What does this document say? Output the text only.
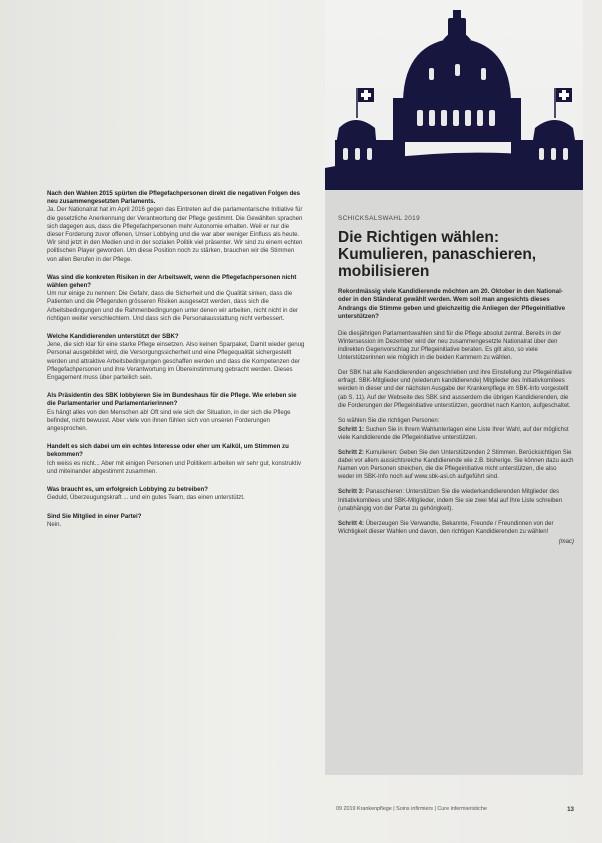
Nach den Wahlen 2015 spürten die Pflegefachpersonen direkt die negativen Folgen des neu zusammengesetzten Parlaments.
Ja. Der Nationalrat hat im April 2016 gegen das Eintreten auf die parlamentarische Initiative für die gesetzliche Anerkennung der Verantwortung der Pflege gestimmt. Die Gewählten sprachen sich dagegen aus, dass die Pflegefachpersonen mehr Autonomie erhalten. Weil er nur die dieser Forderung zuvor offenen, Unser Lobbying und die war aber weniger Einfluss als heute. Wir sind jetzt in den Medien und in der sozialen Politik viel präsenter. Wir sind zu einem echten politischen Player geworden. Um diese Position noch zu stärken, brauchen wir die Stimmen von allen Berufen in der Pflege.
Was sind die konkreten Risiken in der Arbeitswelt, wenn die Pflegefachpersonen nicht wählen gehen?
Um nur einige zu nennen: Die Gefahr, dass die Sicherheit und die Qualität sinken, dass die Patienten und die Pflegenden grösseren Risiken ausgesetzt werden, dass sich die Arbeitsbedingungen und die Rahmenbedingungen unter denen wir arbeiten, nicht nicht in der richtigen weiter verschlechtern. Und dass sich die Personalausstattung nicht verbessert.
Welche Kandidierenden unterstützt der SBK?
Jene, die sich klar für eine starke Pflege einsetzen. Also keinen Sparpaket, Damit wieder genug Personal ausgebildet wird, die Versorgungssicherheit und eine Pflegequalität sichergestellt werden und attraktive Arbeitsbedingungen geschaffen werden und dass die Kompetenzen der Pflegefachpersonen und ihre Verantwortung im Übereinstimmung gebracht werden. Dieses Engagement muss über parteilich sein.
Als Präsidentin des SBK lobbyieren Sie im Bundeshaus für die Pflege. Wie erleben sie die Parlamentarier und Parlamentarierinnen?
Es hängt alles von den Menschen ab! Oft sind wie sich der Situation, in der sich die Pflege befindet, nicht bewusst. Aber viele von ihnen fühlen sich von unseren Forderungen angesprochen.
Handelt es sich dabei um ein echtes Interesse oder eher um Kalkül, um Stimmen zu bekommen?
Ich weiss es nicht... Aber mit einigen Personen und Politikern arbeiten wir sehr gut, konstruktiv und miteinander abgestimmt zusammen.
Was braucht es, um erfolgreich Lobbying zu betreiben?
Geduld, Überzeugungskraft ... und ein gutes Team, das einen unterstützt.
Sind Sie Mitglied in einer Partei?
Nein.
SCHICKSALSWAHL 2019
Die Richtigen wählen: Kumulieren, panaschieren, mobilisieren
Rekordmässig viele Kandidierende möchten am 20. Oktober in den National- oder in den Ständerat gewählt werden. Wem soll man angesichts dieses Andrangs die Stimme geben und gleichzeitig die Anliegen der Pflegeinitiative unterstützen?
Die diesjährigen Parlamentswahlen sind für die Pflege absolut zentral. Bereits in der Wintersession im Dezember wird der neu zusammengesetzte Nationalrat über den indirekten Gegenvorschlag zur Pflegeinitiative beraten. Es gilt also, so viele Unterstützerinnen wie möglich in die beiden Kammern zu wählen.
Der SBK hat alle Kandidierenden angeschrieben und ihre Einstellung zur Pflegeinitiative erfragt. SBK-Mitglieder und (wiederum kandidierende) Mitglieder des Initiativkomitees werden in dieser und der nächsten Ausgabe der Krankenpflege im SBK-Info vorgestellt (ab S. 11). Auf der Webseite des SBK sind ausserdem die übrigen Kandidierenden, die die Forderungen der Pflegeinitiative unterstützen, geordnet nach Kanton, aufgeschaltet.
So wählen Sie die richtigen Personen:
Schritt 1: Suchen Sie in Ihrem Wahlunterlagen eine Liste Ihrer Wahl, auf der möglichst viele Kandidierende die Pflegeinitiative unterstützen.
Schritt 2: Kumulieren: Geben Sie den Unterstützenden 2 Stimmen. Berücksichtigen Sie dabei vor allem aussichtsreiche Kandidierende wie z.B. bisherige. Sie können dazu auch Namen von Personen streichen, die die Pflegeinitiative nicht unterstützen, die also weder im SBK-Info noch auf www.sbk-asi.ch aufgeführt sind.
Schritt 3: Panaschieren: Unterstützen Sie die wiederkandidierenden Mitglieder des Initiativkomitees und SBK-Mitglieder, indem Sie sie zwei Mal auf Ihre Liste schreiben (unabhängig von der Partei zu gehörigkeit).
Schritt 4: Überzeugen Sie Verwandte, Bekannte, Freunde / Freundinnen von der Wichtigkeit dieser Wahlen und davon, den richtigen Kandidierenden zu wählen!
(mac)
09 2019 Krankenpflege | Soins infirmiers | Cure infermieristiche	13
